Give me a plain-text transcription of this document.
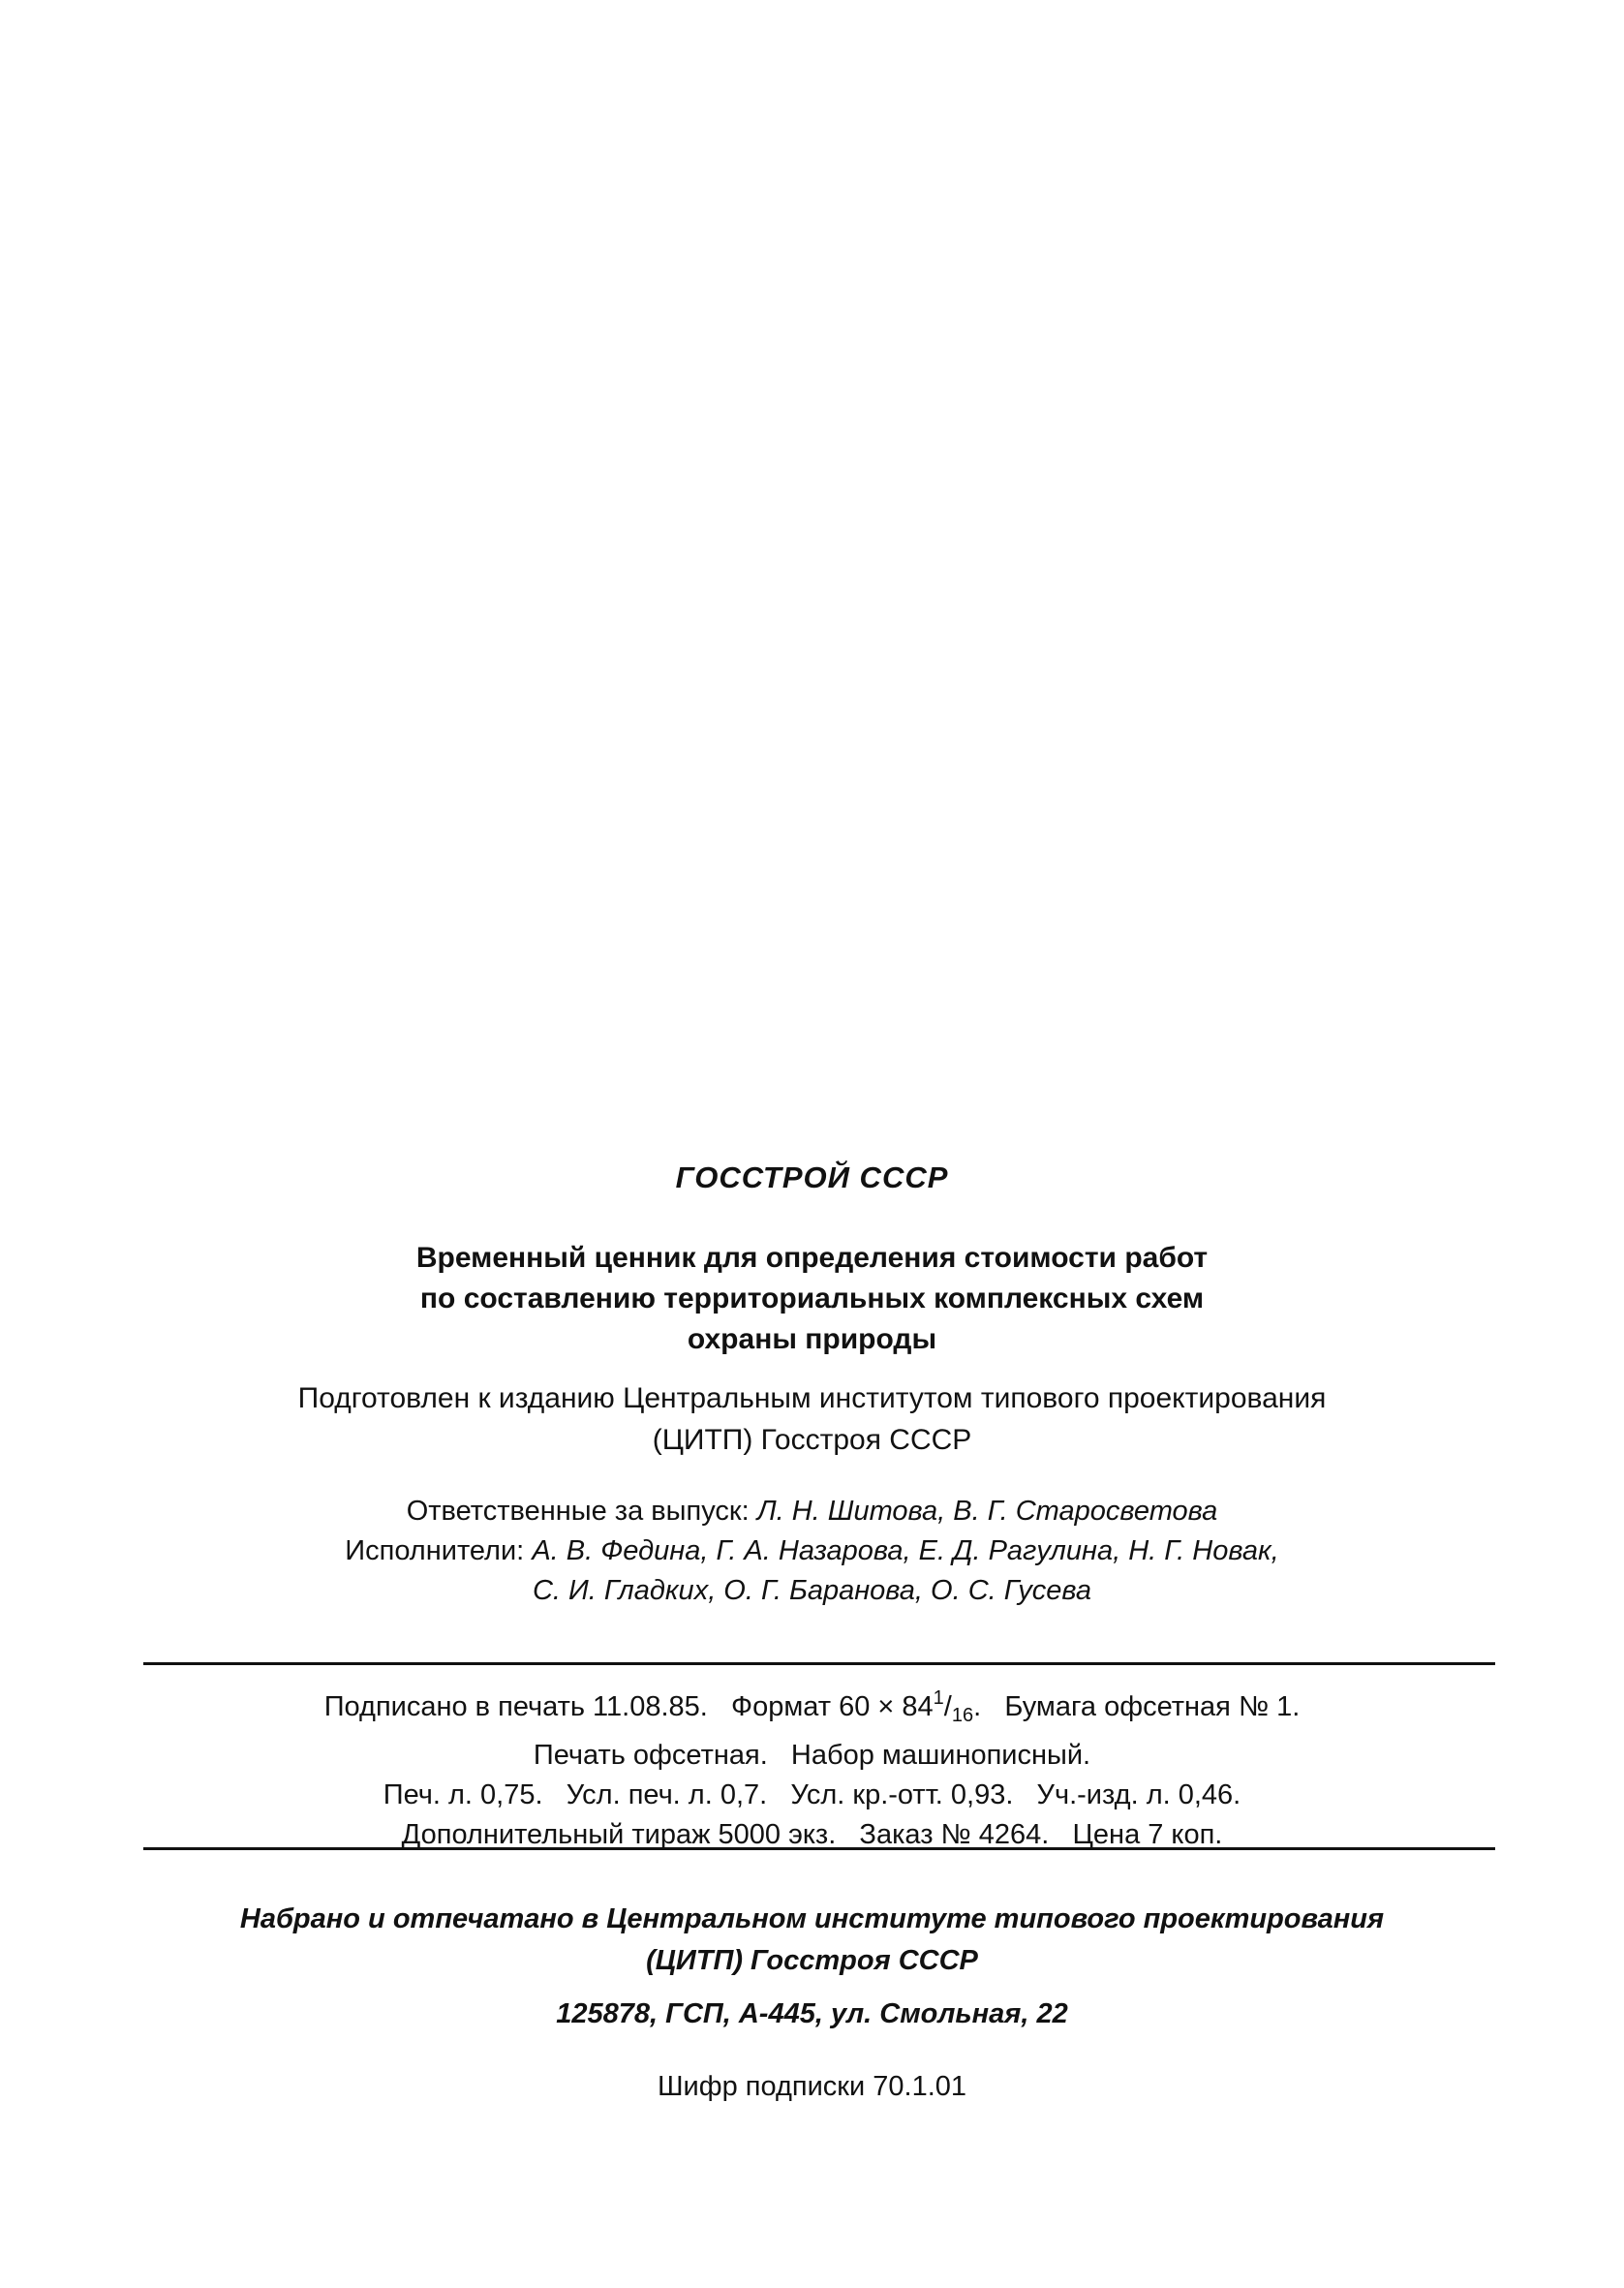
ГОССТРОЙ СССР
Временный ценник для определения стоимости работ
по составлению территориальных комплексных схем
охраны природы
Подготовлен к изданию Центральным институтом типового проектирования
(ЦИТП) Госстроя СССР
Ответственные за выпуск: Л. Н. Шитова, В. Г. Старосветова
Исполнители: А. В. Федина, Г. А. Назарова, Е. Д. Рагулина, Н. Г. Новак,
С. И. Гладких, О. Г. Баранова, О. С. Гусева
Подписано в печать 11.08.85. Формат $60 \times 84^1/_{16}$. Бумага офсетная № 1.
Печать офсетная.   Набор машинописный.
Печ. л. 0,75.   Усл. печ. л. 0,7.   Усл. кр.-отт. 0,93.   Уч.-изд. л. 0,46.
Дополнительный тираж 5000 экз.   Заказ № 4264.   Цена 7 коп.
Набрано и отпечатано в Центральном институте типового проектирования
(ЦИТП) Госстроя СССР
125878, ГСП, А-445, ул. Смольная, 22
Шифр подписки 70.1.01
